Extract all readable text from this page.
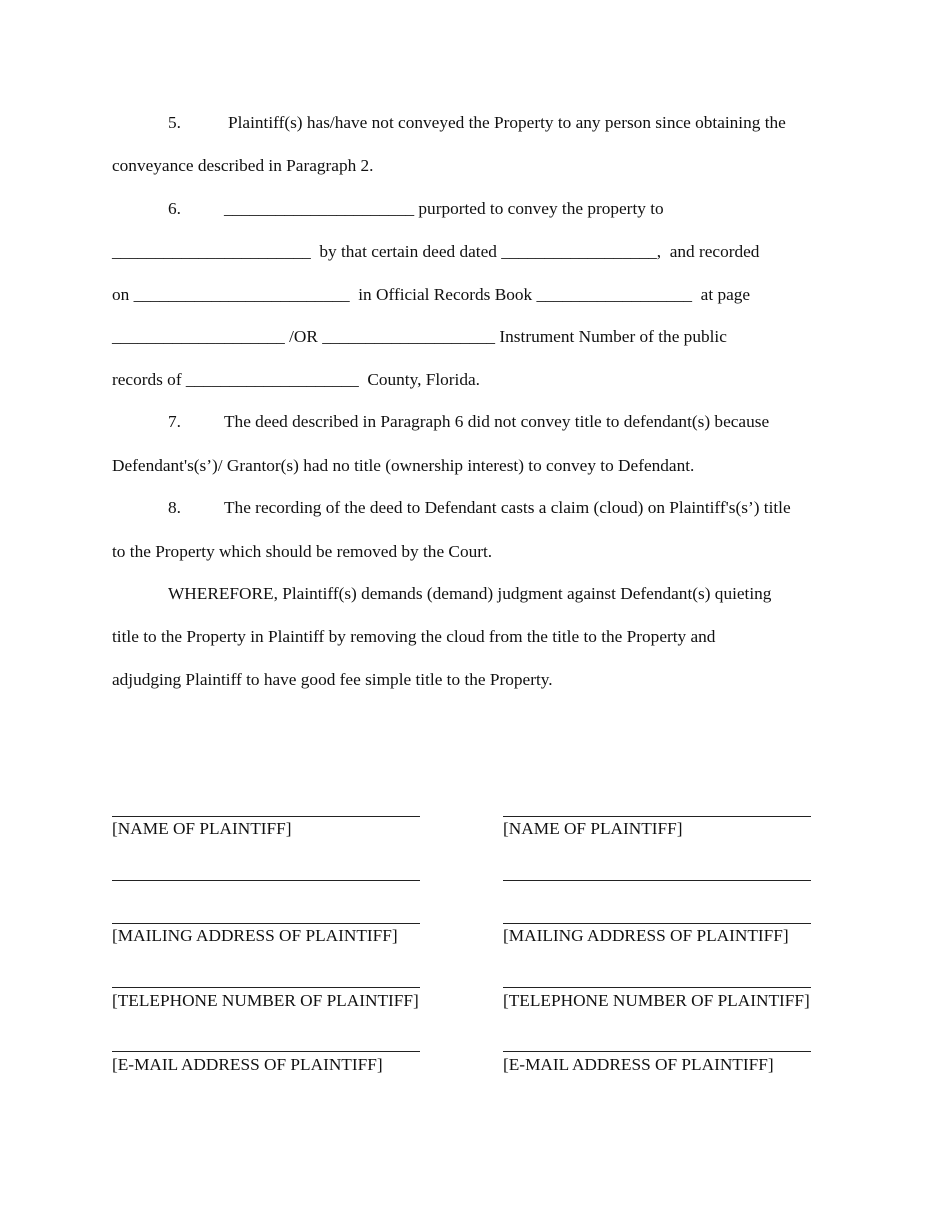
5.	Plaintiff(s) has/have not conveyed the Property to any person since obtaining the
conveyance described in Paragraph 2.
6. ______________________ purported to convey the property to
_______________________  by that certain deed dated __________________,  and recorded
on _________________________  in Official Records Book __________________  at page
____________________ /OR ____________________ Instrument Number of the public
records of ____________________  County, Florida.
7. The deed described in Paragraph 6 did not convey title to defendant(s) because
Defendant's(s’)/ Grantor(s) had no title (ownership interest) to convey to Defendant.
8. The recording of the deed to Defendant casts a claim (cloud) on Plaintiff's(s’) title
to the Property which should be removed by the Court.
WHEREFORE, Plaintiff(s) demands (demand) judgment against Defendant(s) quieting
title to the Property in Plaintiff by removing the cloud from the title to the Property and
adjudging Plaintiff to have good fee simple title to the Property.
[NAME OF PLAINTIFF]
[MAILING ADDRESS OF PLAINTIFF]
[TELEPHONE NUMBER OF PLAINTIFF]
[E-MAIL ADDRESS OF PLAINTIFF]
[NAME OF PLAINTIFF]
[MAILING ADDRESS OF PLAINTIFF]
[TELEPHONE NUMBER OF PLAINTIFF]
[E-MAIL ADDRESS OF PLAINTIFF]
